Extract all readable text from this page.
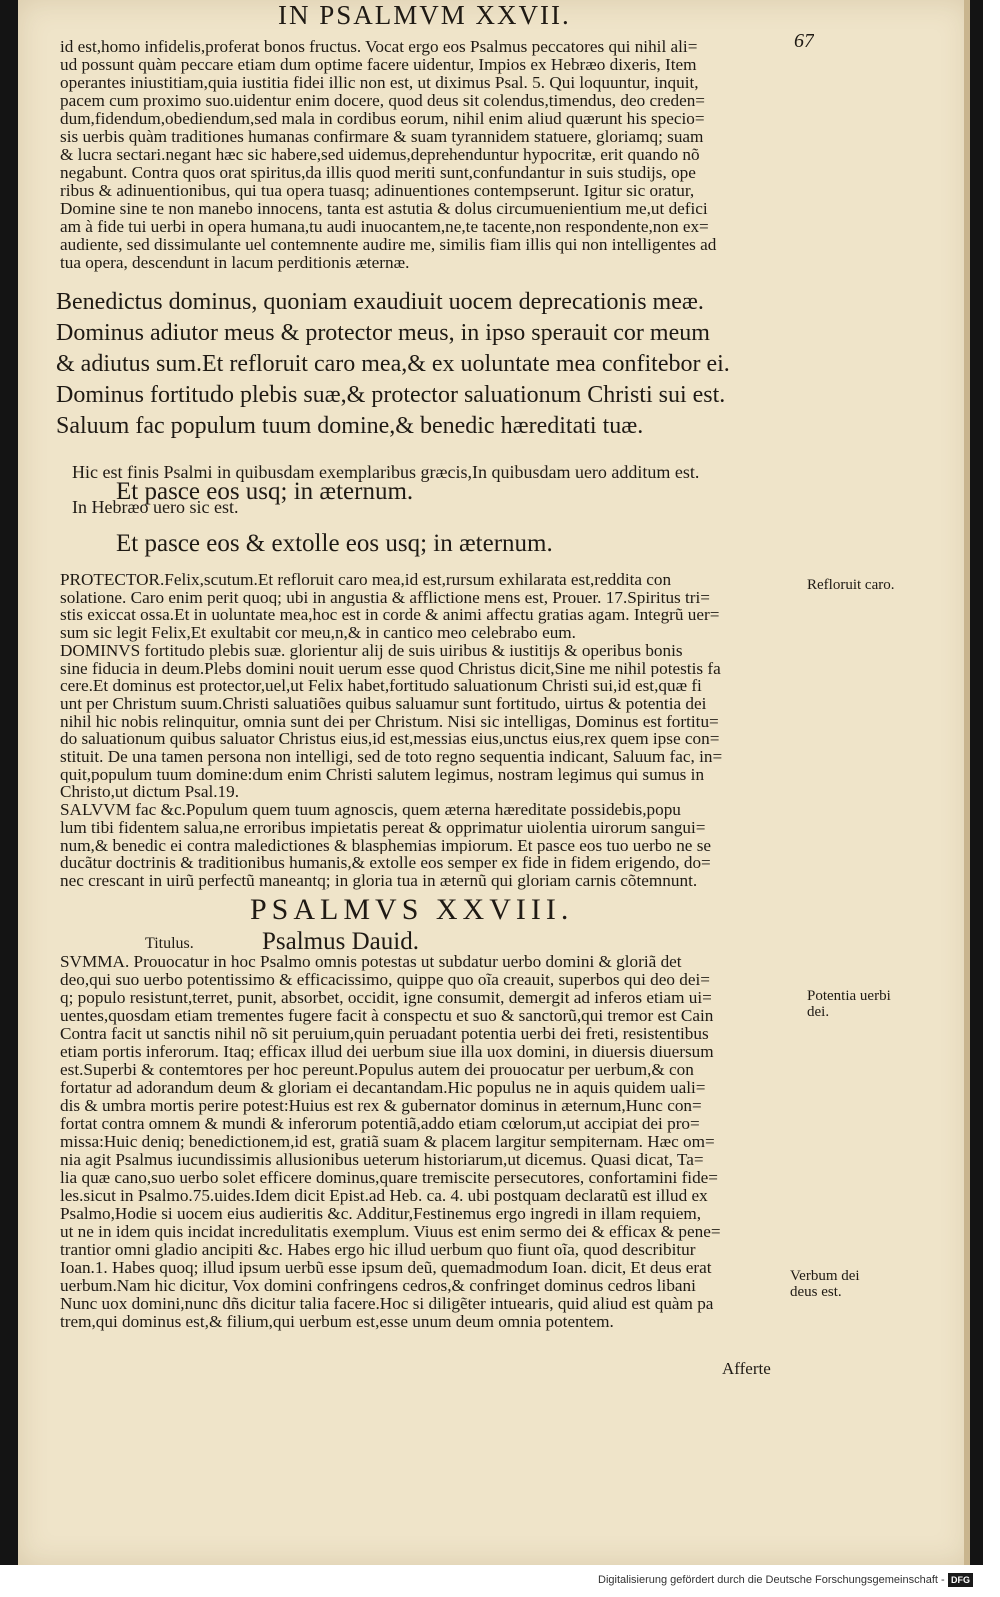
IN PSALMVM XXVII.
67
id est,homo infidelis,proferat bonos fructus. Vocat ergo eos Psalmus peccatores qui nihil ali=
ud possunt quàm peccare etiam dum optime facere uidentur, Impios ex Hebræo dixeris, Item
operantes iniustitiam,quia iustitia fidei illic non est, ut diximus Psal. 5. Qui loquuntur, inquit,
pacem cum proximo suo.uidentur enim docere, quod deus sit colendus,timendus, deo creden=
dum,fidendum,obediendum,sed mala in cordibus eorum, nihil enim aliud quærunt his specio=
sis uerbis quàm traditiones humanas confirmare & suam tyrannidem statuere, gloriamq; suam
& lucra sectari.negant hæc sic habere,sed uidemus,deprehenduntur hypocritæ, erit quando nõ
negabunt. Contra quos orat spiritus,da illis quod meriti sunt,confundantur in suis studijs, ope
ribus & adinuentionibus, qui tua opera tuasq; adinuentiones contempserunt. Igitur sic oratur,
Domine sine te non manebo innocens, tanta est astutia & dolus circumuenientium me,ut defici
am à fide tui uerbi in opera humana,tu audi inuocantem,ne,te tacente,non respondente,non ex=
audiente, sed dissimulante uel contemnente audire me, similis fiam illis qui non intelligentes ad
tua opera, descendunt in lacum perditionis æternæ.
Benedictus dominus, quoniam exaudiuit uocem deprecationis meæ.
Dominus adiutor meus & protector meus, in ipso sperauit cor meum
& adiutus sum.Et refloruit caro mea,& ex uoluntate mea confitebor ei.
Dominus fortitudo plebis suæ,& protector saluationum Christi sui est.
Saluum fac populum tuum domine,& benedic hæreditati tuæ.
Hic est finis Psalmi in quibusdam exemplaribus græcis,In quibusdam uero additum est.
Et pasce eos usq; in æternum.
In Hebræo uero sic est.
Et pasce eos & extolle eos usq; in æternum.
PROTECTOR.Felix,scutum.Et refloruit caro mea,id est,rursum exhilarata est,reddita con
solatione. Caro enim perit quoq; ubi in angustia & afflictione mens est, Prouer. 17.Spiritus tri=
stis exiccat ossa.Et in uoluntate mea,hoc est in corde & animi affectu gratias agam. Integrũ uer=
sum sic legit Felix,Et exultabit cor meu,n,& in cantico meo celebrabo eum.
DOMINVS fortitudo plebis suæ. glorientur alij de suis uiribus & iustitijs & operibus bonis
sine fiducia in deum.Plebs domini nouit uerum esse quod Christus dicit,Sine me nihil potestis fa
cere.Et dominus est protector,uel,ut Felix habet,fortitudo saluationum Christi sui,id est,quæ fi
unt per Christum suum.Christi saluatiões quibus saluamur sunt fortitudo, uirtus & potentia dei
nihil hic nobis relinquitur, omnia sunt dei per Christum. Nisi sic intelligas, Dominus est fortitu=
do saluationum quibus saluator Christus eius,id est,messias eius,unctus eius,rex quem ipse con=
stituit. De una tamen persona non intelligi, sed de toto regno sequentia indicant, Saluum fac, in=
quit,populum tuum domine:dum enim Christi salutem legimus, nostram legimus qui sumus in
Christo,ut dictum Psal.19.
SALVVM fac &c.Populum quem tuum agnoscis, quem æterna hæreditate possidebis,popu
lum tibi fidentem salua,ne erroribus impietatis pereat & opprimatur uiolentia uirorum sangui=
num,& benedic ei contra maledictiones & blasphemias impiorum. Et pasce eos tuo uerbo ne se
ducãtur doctrinis & traditionibus humanis,& extolle eos semper ex fide in fidem erigendo, do=
nec crescant in uirũ perfectũ maneantq; in gloria tua in æternũ qui gloriam carnis cõtemnunt.
Refloruit caro.
PSALMVS XXVIII.
Titulus.	Psalmus Dauid.
SVMMA. Prouocatur in hoc Psalmo omnis potestas ut subdatur uerbo domini & gloriã det
deo,qui suo uerbo potentissimo & efficacissimo, quippe quo oĩa creauit, superbos qui deo dei=
q; populo resistunt,terret, punit, absorbet, occidit, igne consumit, demergit ad inferos etiam ui=
uentes,quosdam etiam trementes fugere facit à conspectu et suo & sanctorũ,qui tremor est Cain
Contra facit ut sanctis nihil nõ sit peruium,quin peruadant potentia uerbi dei freti, resistentibus
etiam portis inferorum. Itaq; efficax illud dei uerbum siue illa uox domini, in diuersis diuersum
est.Superbi & contemtores per hoc pereunt.Populus autem dei prouocatur per uerbum,& con
fortatur ad adorandum deum & gloriam ei decantandam.Hic populus ne in aquis quidem uali=
dis & umbra mortis perire potest:Huius est rex & gubernator dominus in æternum,Hunc con=
fortat contra omnem & mundi & inferorum potentiã,addo etiam cœlorum,ut accipiat dei pro=
missa:Huic deniq; benedictionem,id est, gratiã suam & placem largitur sempiternam. Hæc om=
nia agit Psalmus iucundissimis allusionibus ueterum historiarum,ut dicemus. Quasi dicat, Ta=
lia quæ cano,suo uerbo solet efficere dominus,quare tremiscite persecutores, confortamini fide=
les.sicut in Psalmo.75.uides.Idem dicit Epist.ad Heb. ca. 4. ubi postquam declaratũ est illud ex
Psalmo,Hodie si uocem eius audieritis &c. Additur,Festinemus ergo ingredi in illam requiem,
ut ne in idem quis incidat incredulitatis exemplum. Viuus est enim sermo dei & efficax & pene=
trantior omni gladio ancipiti &c. Habes ergo hic illud uerbum quo fiunt oĩa, quod describitur
Ioan.1. Habes quoq; illud ipsum uerbũ esse ipsum deũ, quemadmodum Ioan. dicit, Et deus erat
uerbum.Nam hic dicitur, Vox domini confringens cedros,& confringet dominus cedros libani
Nunc uox domini,nunc dñs dicitur talia facere.Hoc si diligẽter intuearis, quid aliud est quàm pa
trem,qui dominus est,& filium,qui uerbum est,esse unum deum omnia potentem.
Potentia uerbi dei.
Verbum dei deus est.
Afferte
Digitalisierung gefördert durch die Deutsche Forschungsgemeinschaft - DFG
